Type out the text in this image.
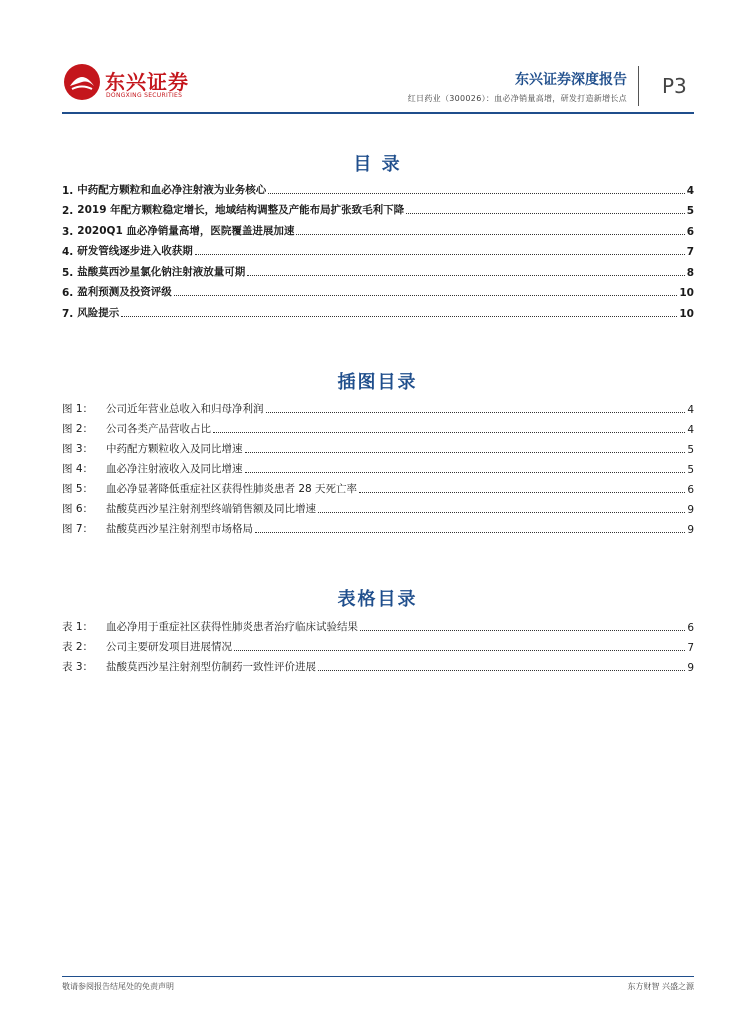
东兴证券
DONGXING SECURITIES
东兴证券深度报告
红日药业（300026）：血必净销量高增，研发打造新增长点
P3
目 录
1. 中药配方颗粒和血必净注射液为业务核心	4
2. 2019 年配方颗粒稳定增长，地域结构调整及产能布局扩张致毛利下降	5
3. 2020Q1 血必净销量高增，医院覆盖进展加速	6
4. 研发管线逐步进入收获期	7
5. 盐酸莫西沙星氯化钠注射液放量可期	8
6. 盈利预测及投资评级	10
7. 风险提示	10
插图目录
图 1：	公司近年营业总收入和归母净利润	4
图 2：	公司各类产品营收占比	4
图 3：	中药配方颗粒收入及同比增速	5
图 4：	血必净注射液收入及同比增速	5
图 5：	血必净显著降低重症社区获得性肺炎患者 28 天死亡率	6
图 6：	盐酸莫西沙星注射剂型终端销售额及同比增速	9
图 7：	盐酸莫西沙星注射剂型市场格局	9
表格目录
表 1：	血必净用于重症社区获得性肺炎患者治疗临床试验结果	6
表 2：	公司主要研发项目进展情况	7
表 3：	盐酸莫西沙星注射剂型仿制药一致性评价进展	9
敬请参阅报告结尾处的免责声明	东方财智 兴盛之源
